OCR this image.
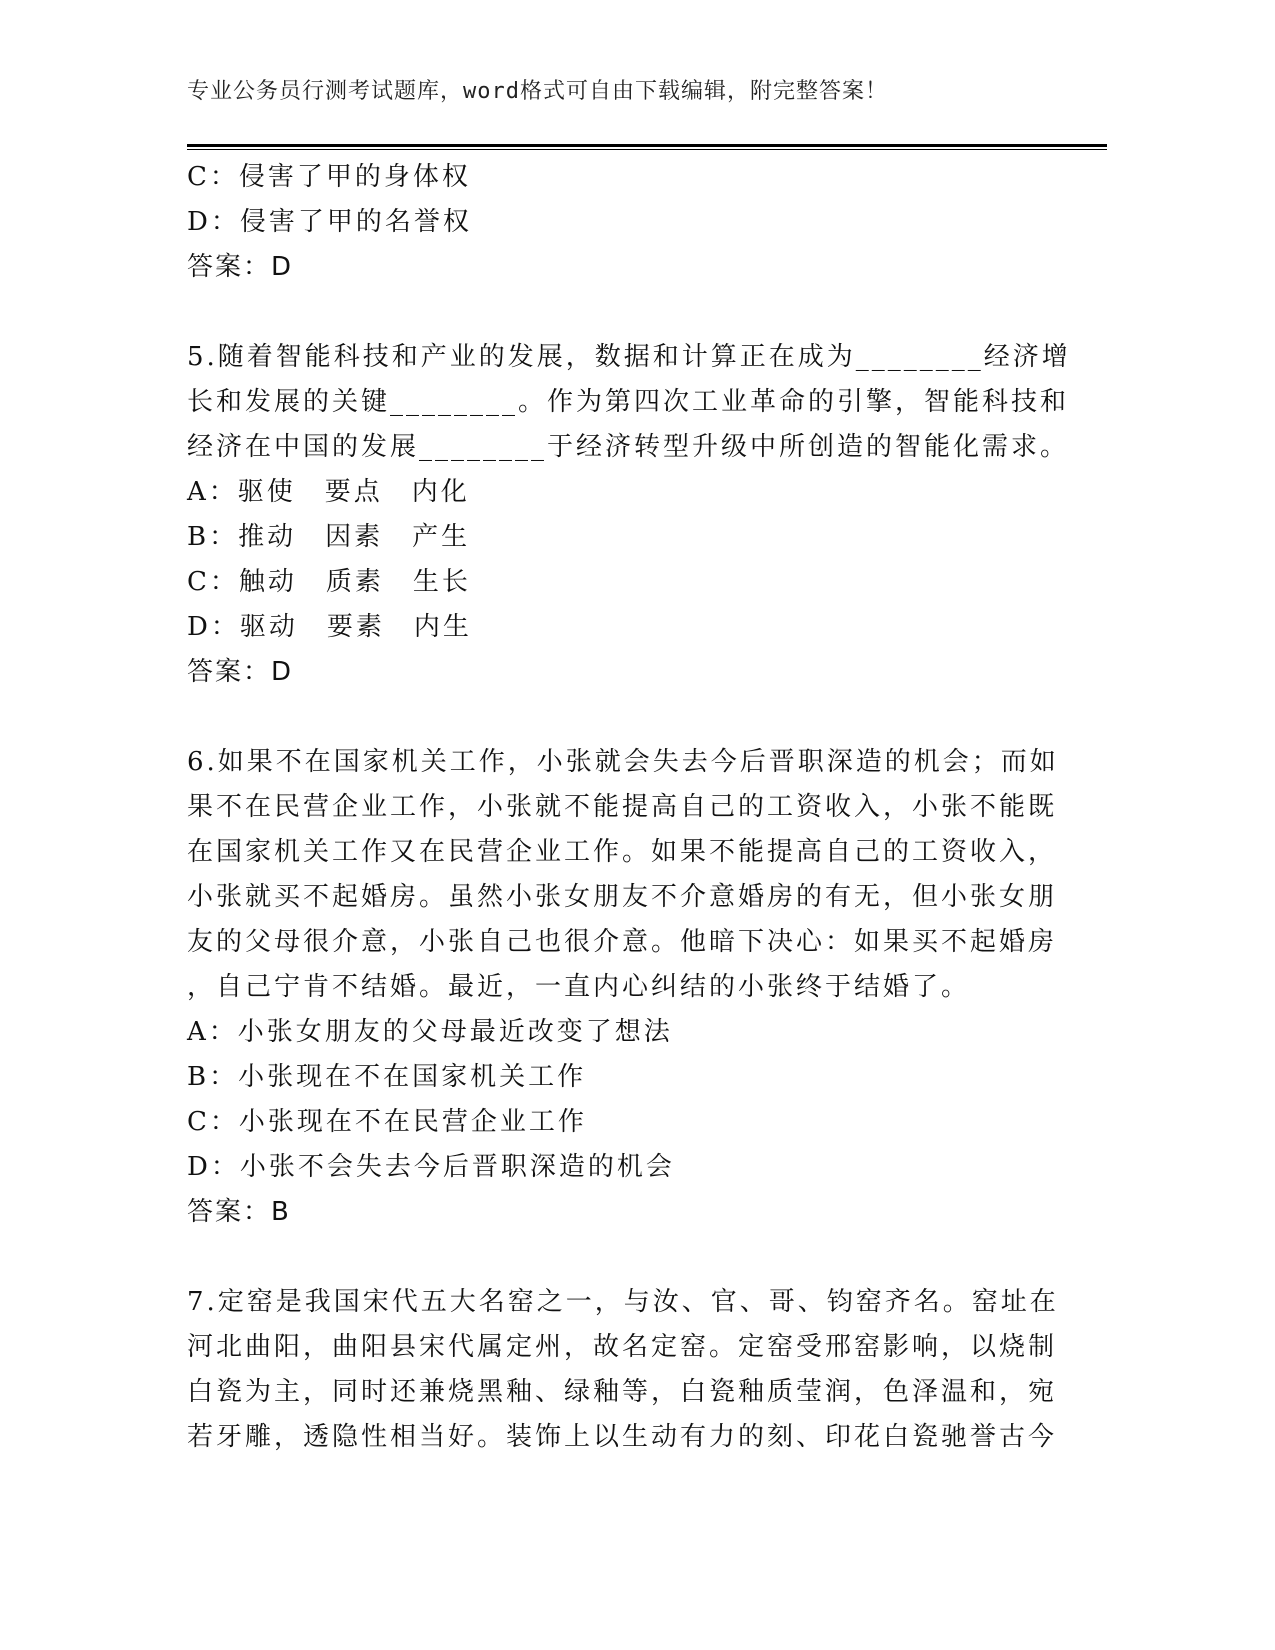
专业公务员行测考试题库，word格式可自由下载编辑，附完整答案！
C：侵害了甲的身体权
D：侵害了甲的名誉权
答案：D
5.随着智能科技和产业的发展，数据和计算正在成为________经济增
长和发展的关键________。作为第四次工业革命的引擎，智能科技和
经济在中国的发展________于经济转型升级中所创造的智能化需求。
A：驱使　要点　内化
B：推动　因素　产生
C：触动　质素　生长
D：驱动　要素　内生
答案：D
6.如果不在国家机关工作，小张就会失去今后晋职深造的机会；而如
果不在民营企业工作，小张就不能提高自己的工资收入，小张不能既
在国家机关工作又在民营企业工作。如果不能提高自己的工资收入，
小张就买不起婚房。虽然小张女朋友不介意婚房的有无，但小张女朋
友的父母很介意，小张自己也很介意。他暗下决心：如果买不起婚房
，自己宁肯不结婚。最近，一直内心纠结的小张终于结婚了。
A：小张女朋友的父母最近改变了想法
B：小张现在不在国家机关工作
C：小张现在不在民营企业工作
D：小张不会失去今后晋职深造的机会
答案：B
7.定窑是我国宋代五大名窑之一，与汝、官、哥、钧窑齐名。窑址在
河北曲阳，曲阳县宋代属定州，故名定窑。定窑受邢窑影响，以烧制
白瓷为主，同时还兼烧黑釉、绿釉等，白瓷釉质莹润，色泽温和，宛
若牙雕，透隐性相当好。装饰上以生动有力的刻、印花白瓷驰誉古今
